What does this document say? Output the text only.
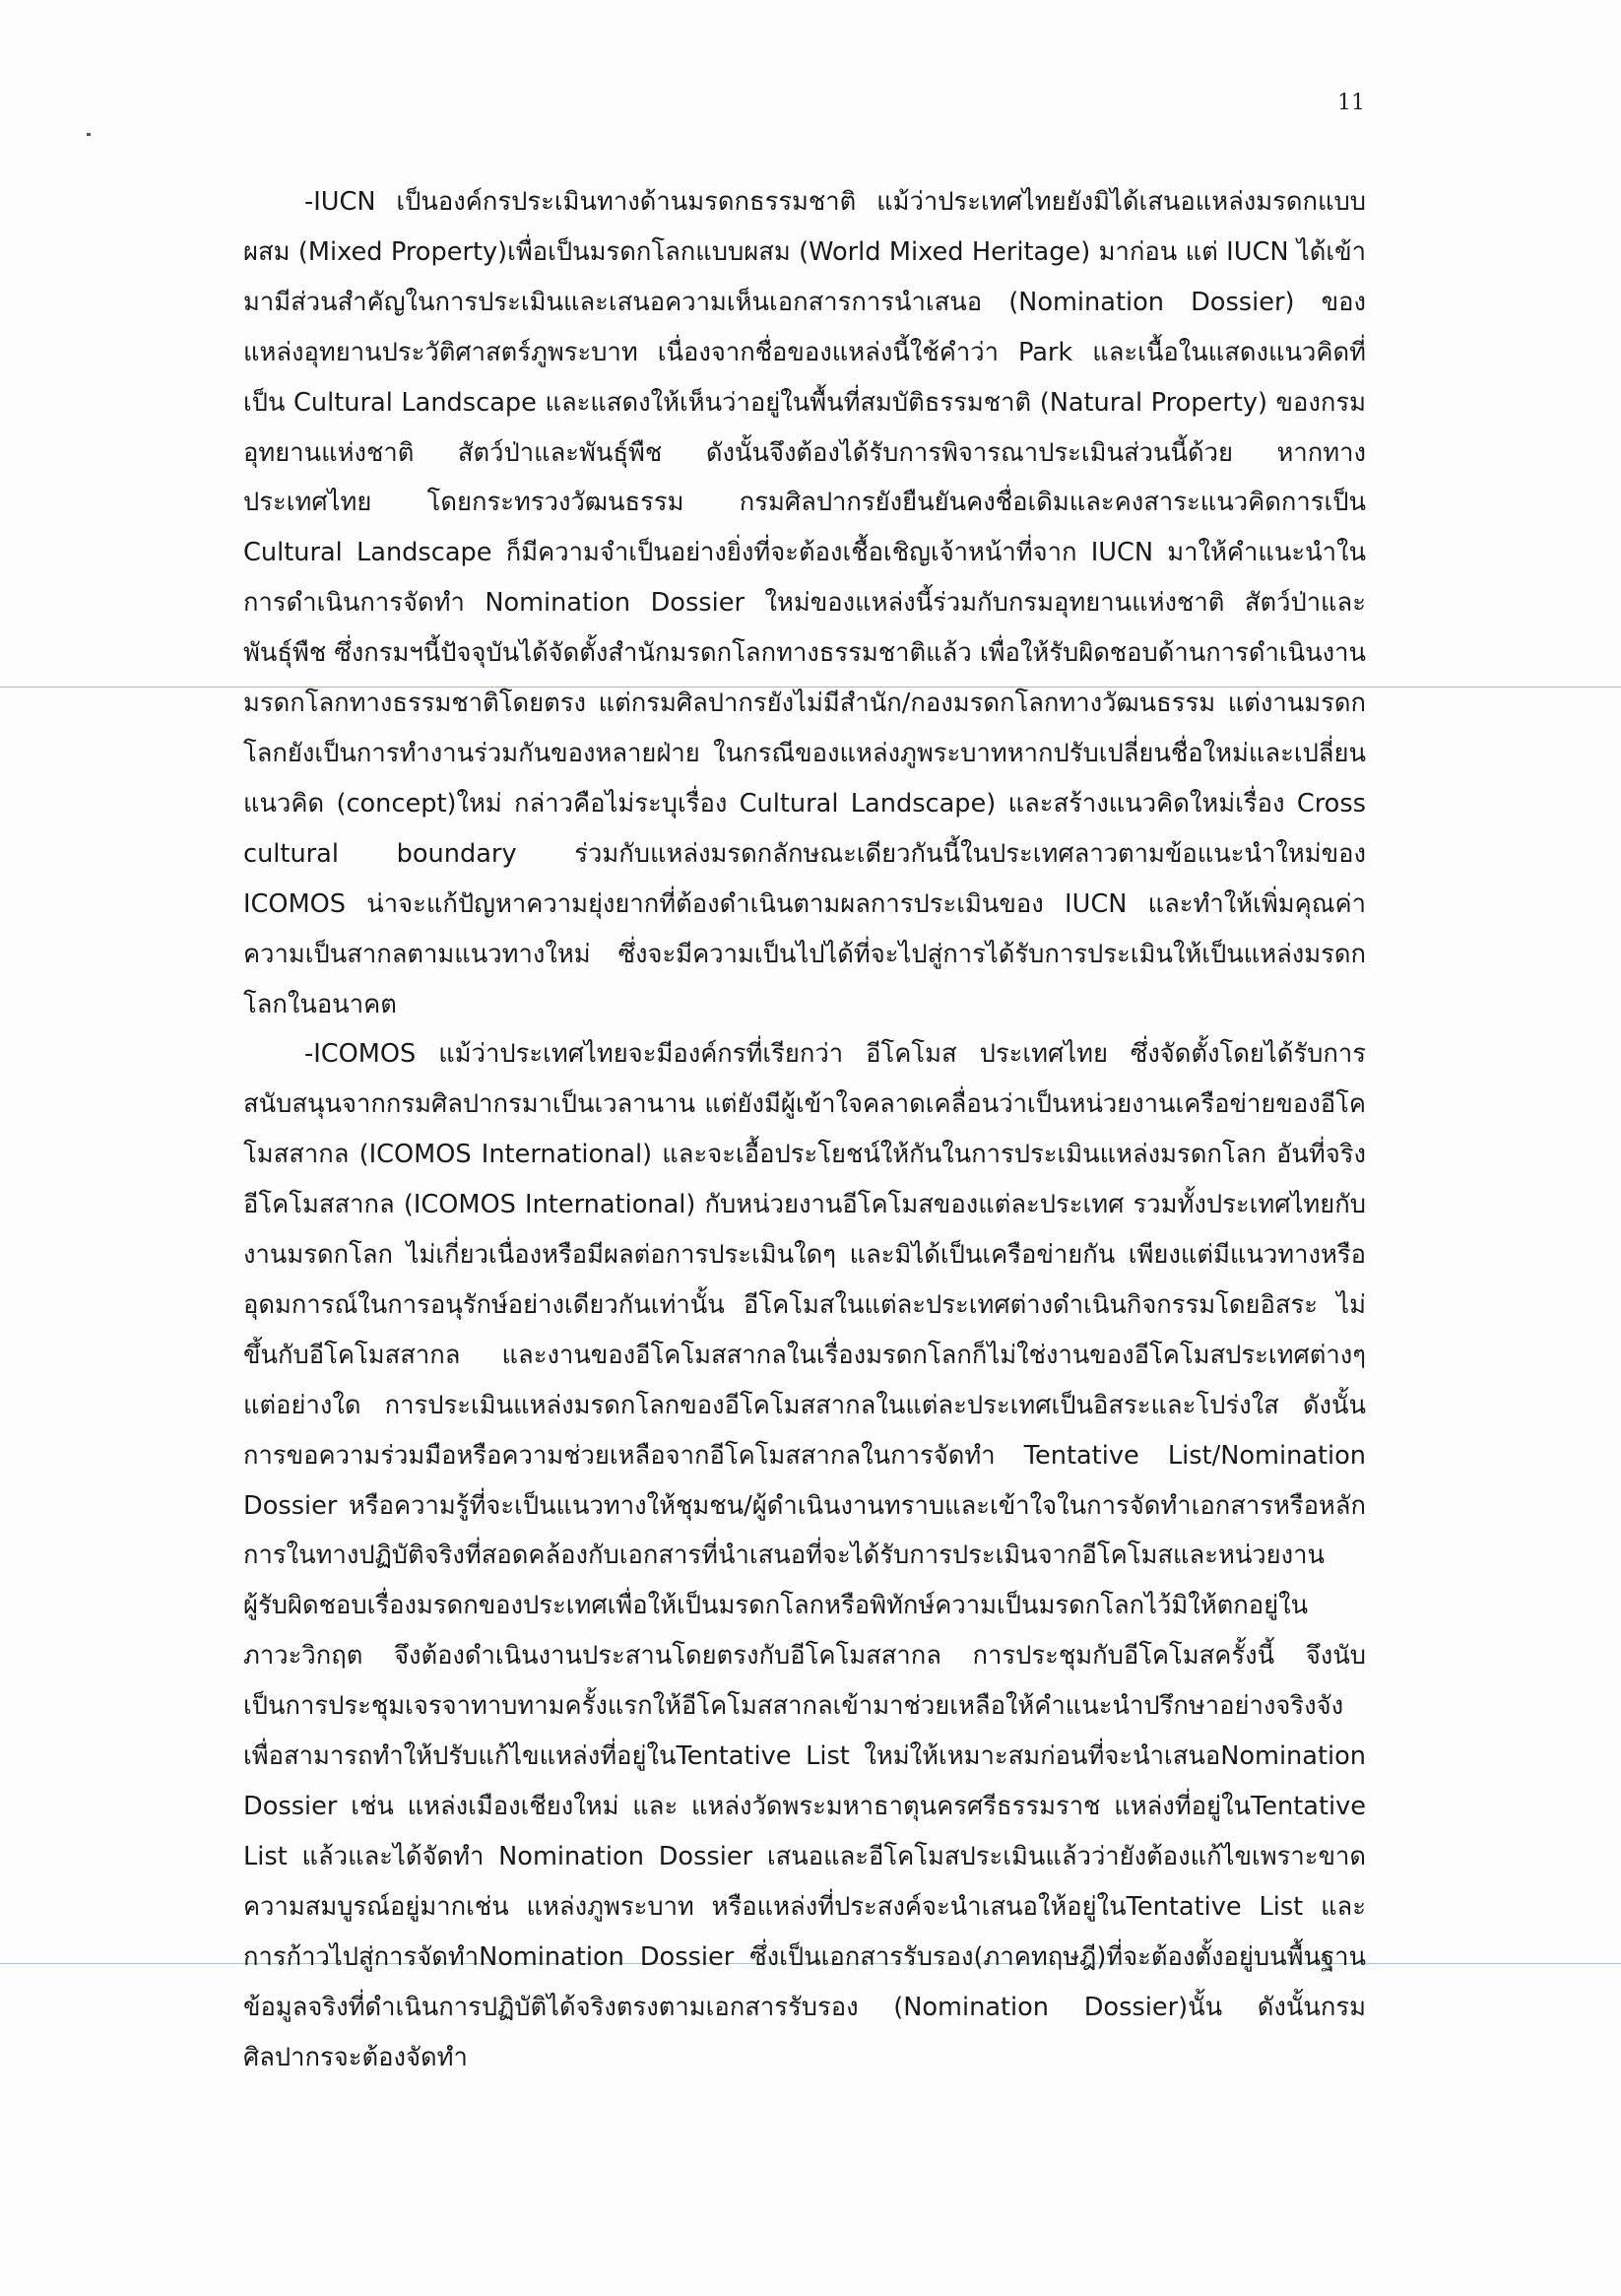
11

-IUCN เป็นองค์กรประเมินทางด้านมรดกธรรมชาติ แม้ว่าประเทศไทยยังมิได้เสนอแหล่งมรดกแบบผสม (Mixed Property)เพื่อเป็นมรดกโลกแบบผสม (World Mixed Heritage) มาก่อน แต่ IUCN ได้เข้ามามีส่วนสำคัญในการประเมินและเสนอความเห็นเอกสารการนำเสนอ (Nomination Dossier) ของแหล่งอุทยานประวัติศาสตร์ภูพระบาท เนื่องจากชื่อของแหล่งนี้ใช้คำว่า Park และเนื้อในแสดงแนวคิดที่เป็น Cultural Landscape และแสดงให้เห็นว่าอยู่ในพื้นที่สมบัติธรรมชาติ (Natural Property) ของกรมอุทยานแห่งชาติ สัตว์ป่าและพันธุ์พืช ดังนั้นจึงต้องได้รับการพิจารณาประเมินส่วนนี้ด้วย หากทางประเทศไทย โดยกระทรวงวัฒนธรรม กรมศิลปากรยังยืนยันคงชื่อเดิมและคงสาระแนวคิดการเป็น Cultural Landscape ก็มีความจำเป็นอย่างยิ่งที่จะต้องเชื้อเชิญเจ้าหน้าที่จาก IUCN มาให้คำแนะนำในการดำเนินการจัดทำ Nomination Dossier ใหม่ของแหล่งนี้ร่วมกับกรมอุทยานแห่งชาติ สัตว์ป่าและพันธุ์พืช ซึ่งกรมฯนี้ปัจจุบันได้จัดตั้งสำนักมรดกโลกทางธรรมชาติแล้ว เพื่อให้รับผิดชอบด้านการดำเนินงานมรดกโลกทางธรรมชาติโดยตรง แต่กรมศิลปากรยังไม่มีสำนัก/กองมรดกโลกทางวัฒนธรรม แต่งานมรดกโลกยังเป็นการทำงานร่วมกันของหลายฝ่าย ในกรณีของแหล่งภูพระบาทหากปรับเปลี่ยนชื่อใหม่และเปลี่ยนแนวคิด (concept)ใหม่ กล่าวคือไม่ระบุเรื่อง Cultural Landscape) และสร้างแนวคิดใหม่เรื่อง Cross cultural boundary ร่วมกับแหล่งมรดกลักษณะเดียวกันนี้ในประเทศลาวตามข้อแนะนำใหม่ของ ICOMOS น่าจะแก้ปัญหาความยุ่งยากที่ต้องดำเนินตามผลการประเมินของ IUCN และทำให้เพิ่มคุณค่าความเป็นสากลตามแนวทางใหม่ ซึ่งจะมีความเป็นไปได้ที่จะไปสู่การได้รับการประเมินให้เป็นแหล่งมรดกโลกในอนาคต

-ICOMOS แม้ว่าประเทศไทยจะมีองค์กรที่เรียกว่า อีโคโมส ประเทศไทย ซึ่งจัดตั้งโดยได้รับการสนับสนุนจากกรมศิลปากรมาเป็นเวลานาน แต่ยังมีผู้เข้าใจคลาดเคลื่อนว่าเป็นหน่วยงานเครือข่ายของอีโคโมสสากล (ICOMOS International) และจะเอื้อประโยชน์ให้กันในการประเมินแหล่งมรดกโลก อันที่จริงอีโคโมสสากล (ICOMOS International) กับหน่วยงานอีโคโมสของแต่ละประเทศ รวมทั้งประเทศไทยกับงานมรดกโลก ไม่เกี่ยวเนื่องหรือมีผลต่อการประเมินใดๆ และมิได้เป็นเครือข่ายกัน เพียงแต่มีแนวทางหรืออุดมการณ์ในการอนุรักษ์อย่างเดียวกันเท่านั้น อีโคโมสในแต่ละประเทศต่างดำเนินกิจกรรมโดยอิสระ ไม่ขึ้นกับอีโคโมสสากล และงานของอีโคโมสสากลในเรื่องมรดกโลกก็ไม่ใช่งานของอีโคโมสประเทศต่างๆ แต่อย่างใด การประเมินแหล่งมรดกโลกของอีโคโมสสากลในแต่ละประเทศเป็นอิสระและโปร่งใส ดังนั้นการขอความร่วมมือหรือความช่วยเหลือจากอีโคโมสสากลในการจัดทำ Tentative List/Nomination Dossier หรือความรู้ที่จะเป็นแนวทางให้ชุมชน/ผู้ดำเนินงานทราบและเข้าใจในการจัดทำเอกสารหรือหลักการในทางปฏิบัติจริงที่สอดคล้องกับเอกสารที่นำเสนอที่จะได้รับการประเมินจากอีโคโมสและหน่วยงานผู้รับผิดชอบเรื่องมรดกของประเทศเพื่อให้เป็นมรดกโลกหรือพิทักษ์ความเป็นมรดกโลกไว้มิให้ตกอยู่ในภาวะวิกฤต จึงต้องดำเนินงานประสานโดยตรงกับอีโคโมสสากล การประชุมกับอีโคโมสครั้งนี้ จึงนับเป็นการประชุมเจรจาทาบทามครั้งแรกให้อีโคโมสสากลเข้ามาช่วยเหลือให้คำแนะนำปรึกษาอย่างจริงจังเพื่อสามารถทำให้ปรับแก้ไขแหล่งที่อยู่ในTentative List ใหม่ให้เหมาะสมก่อนที่จะนำเสนอNomination Dossier เช่น แหล่งเมืองเชียงใหม่ และ แหล่งวัดพระมหาธาตุนครศรีธรรมราช แหล่งที่อยู่ในTentative List แล้วและได้จัดทำ Nomination Dossier เสนอและอีโคโมสประเมินแล้วว่ายังต้องแก้ไขเพราะขาดความสมบูรณ์อยู่มากเช่น แหล่งภูพระบาท หรือแหล่งที่ประสงค์จะนำเสนอให้อยู่ในTentative List และการก้าวไปสู่การจัดทำNomination Dossier ซึ่งเป็นเอกสารรับรอง(ภาคทฤษฎี)ที่จะต้องตั้งอยู่บนพื้นฐานข้อมูลจริงที่ดำเนินการปฏิบัติได้จริงตรงตามเอกสารรับรอง (Nomination Dossier)นั้น ดังนั้นกรมศิลปากรจะต้องจัดทำ
